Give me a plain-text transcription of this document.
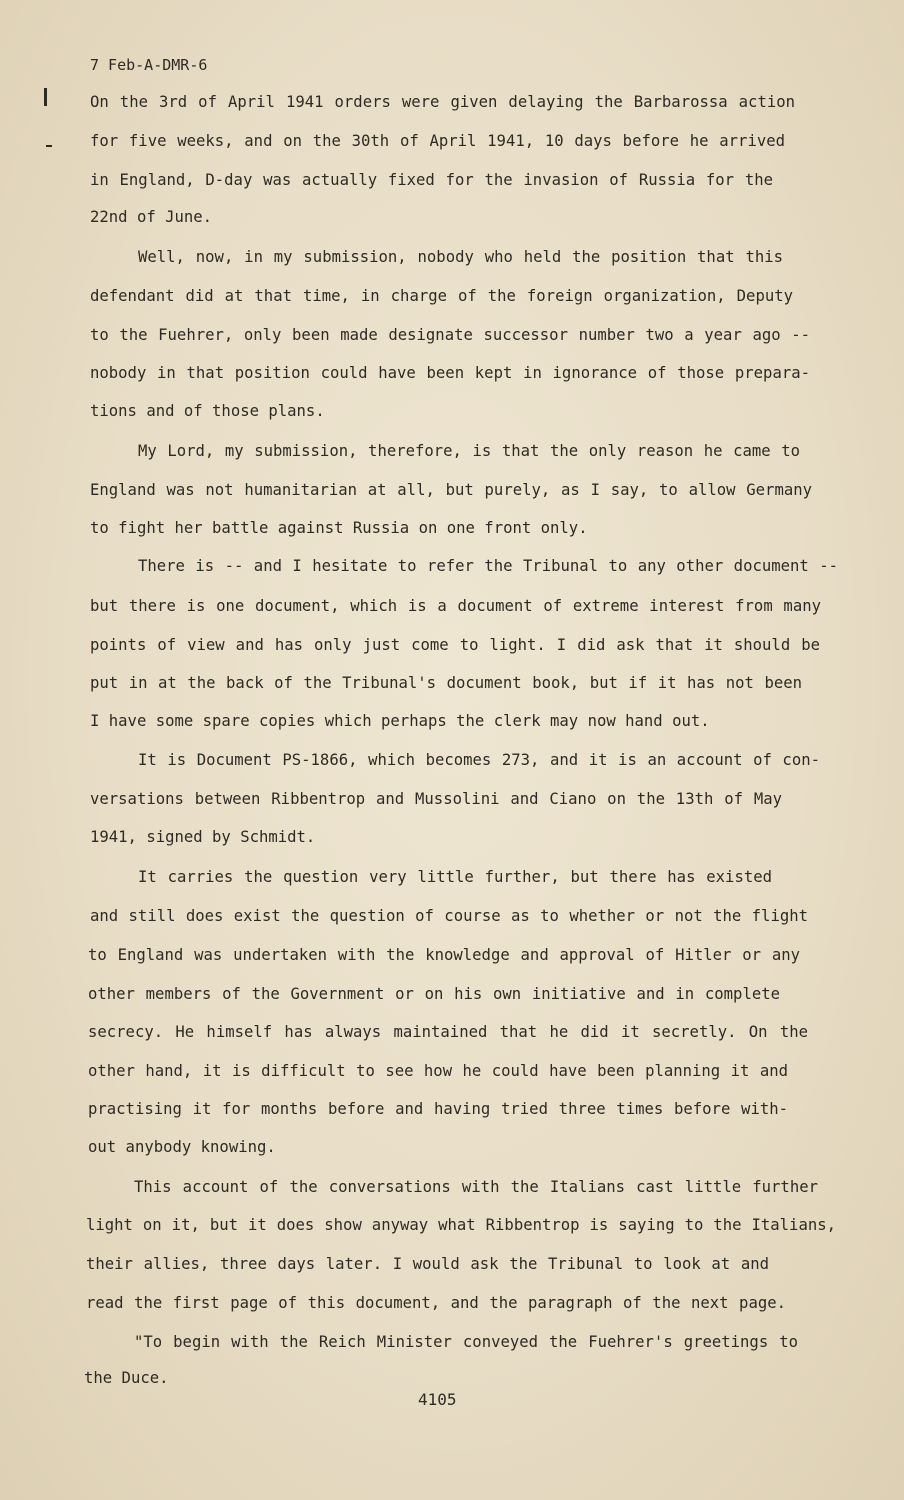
7 Feb-A-DMR-6
On the 3rd of April 1941 orders were given delaying the Barbarossa action
for five weeks, and on the 30th of April 1941, 10 days before he arrived
in England, D-day was actually fixed for the invasion of Russia for the
22nd of June.
Well, now, in my submission, nobody who held the position that this
defendant did at that time, in charge of the foreign organization, Deputy
to the Fuehrer, only been made designate successor number two a year ago --
nobody in that position could have been kept in ignorance of those prepara-
tions and of those plans.
My Lord, my submission, therefore, is that the only reason he came to
England was not humanitarian at all, but purely, as I say, to allow Germany
to fight her battle against Russia on one front only.
There is -- and I hesitate to refer the Tribunal to any other document --
but there is one document, which is a document of extreme interest from many
points of view and has only just come to light. I did ask that it should be
put in at the back of the Tribunal's document book, but if it has not been
I have some spare copies which perhaps the clerk may now hand out.
It is Document PS-1866, which becomes 273, and it is an account of con-
versations between Ribbentrop and Mussolini and Ciano on the 13th of May
1941, signed by Schmidt.
It carries the question very little further, but there has existed
and still does exist the question of course as to whether or not the flight
to England was undertaken with the knowledge and approval of Hitler or any
other members of the Government or on his own initiative and in complete
secrecy. He himself has always maintained that he did it secretly. On the
other hand, it is difficult to see how he could have been planning it and
practising it for months before and having tried three times before with-
out anybody knowing.
This account of the conversations with the Italians cast little further
light on it, but it does show anyway what Ribbentrop is saying to the Italians,
their allies, three days later. I would ask the Tribunal to look at and
read the first page of this document, and the paragraph of the next page.
"To begin with the Reich Minister conveyed the Fuehrer's greetings to
the Duce.
4105
